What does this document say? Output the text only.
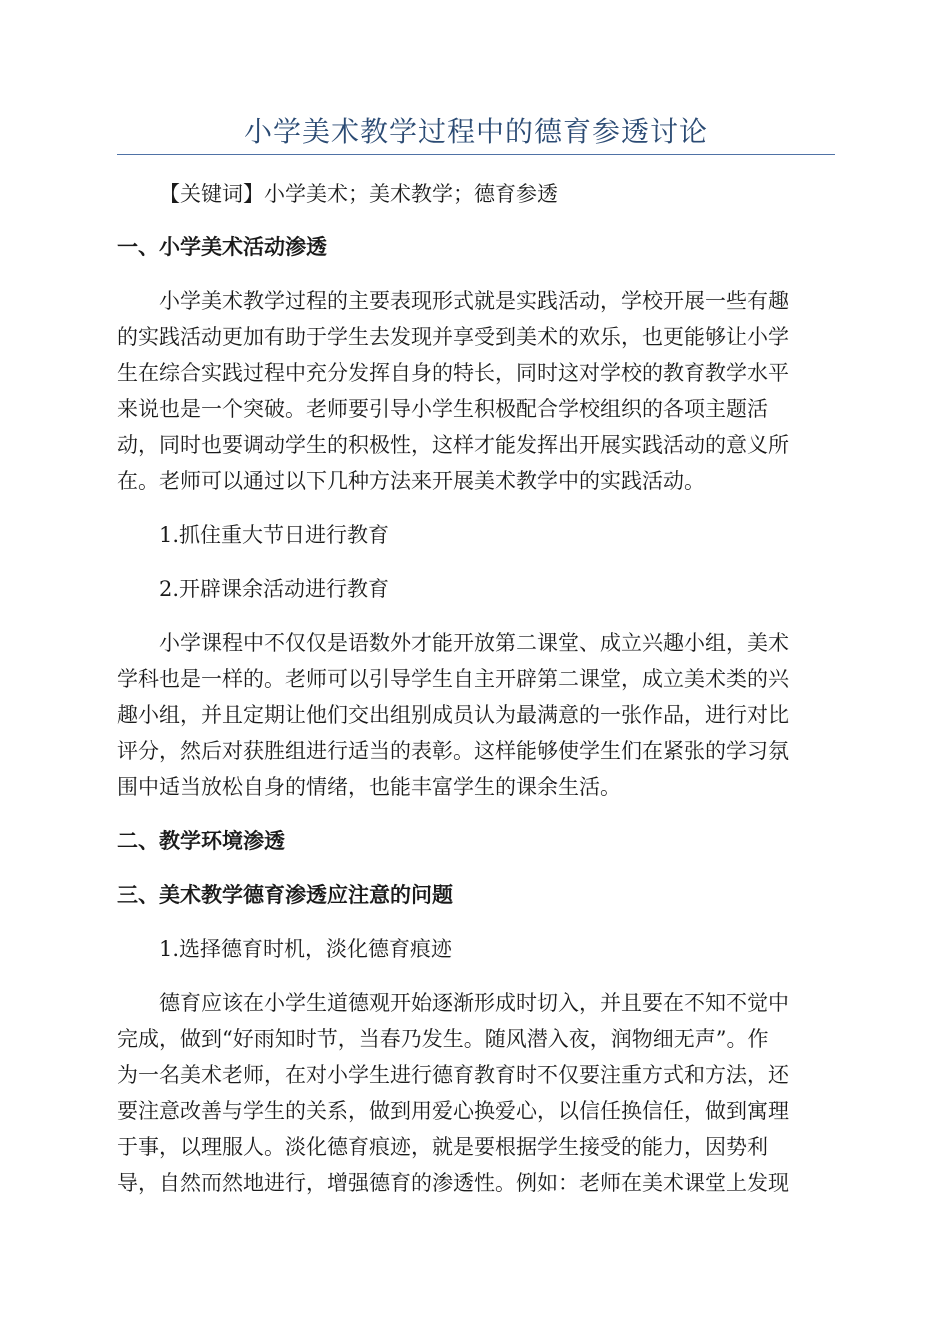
小学美术教学过程中的德育参透讨论

【关键词】小学美术；美术教学；德育参透

一、小学美术活动渗透

小学美术教学过程的主要表现形式就是实践活动，学校开展一些有趣

的实践活动更加有助于学生去发现并享受到美术的欢乐，也更能够让小学

生在综合实践过程中充分发挥自身的特长，同时这对学校的教育教学水平

来说也是一个突破。老师要引导小学生积极配合学校组织的各项主题活

动，同时也要调动学生的积极性，这样才能发挥出开展实践活动的意义所

在。老师可以通过以下几种方法来开展美术教学中的实践活动。

1.抓住重大节日进行教育

2.开辟课余活动进行教育

小学课程中不仅仅是语数外才能开放第二课堂、成立兴趣小组，美术

学科也是一样的。老师可以引导学生自主开辟第二课堂，成立美术类的兴

趣小组，并且定期让他们交出组别成员认为最满意的一张作品，进行对比

评分，然后对获胜组进行适当的表彰。这样能够使学生们在紧张的学习氛

围中适当放松自身的情绪，也能丰富学生的课余生活。

二、教学环境渗透

三、美术教学德育渗透应注意的问题

1.选择德育时机，淡化德育痕迹

德育应该在小学生道德观开始逐渐形成时切入，并且要在不知不觉中

完成，做到“好雨知时节，当春乃发生。随风潜入夜，润物细无声”。作

为一名美术老师，在对小学生进行德育教育时不仅要注重方式和方法，还

要注意改善与学生的关系，做到用爱心换爱心，以信任换信任，做到寓理

于事，以理服人。淡化德育痕迹，就是要根据学生接受的能力，因势利

导，自然而然地进行，增强德育的渗透性。例如：老师在美术课堂上发现
